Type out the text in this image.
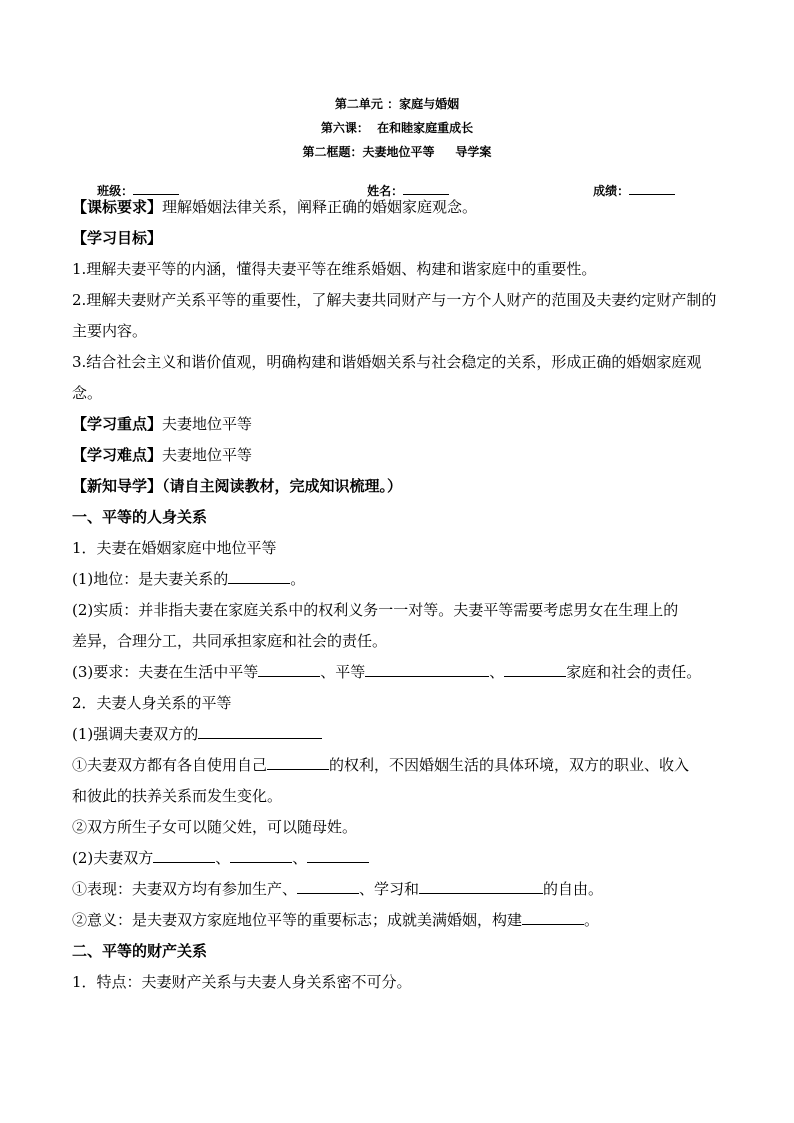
第二单元 ：家庭与婚姻
第六课：  在和睦家庭重成长
第二框题：夫妻地位平等     导学案

班级：
	姓名：
	成绩：

【课标要求】理解婚姻法律关系，阐释正确的婚姻家庭观念。
【学习目标】
1.理解夫妻平等的内涵，懂得夫妻平等在维系婚姻、构建和谐家庭中的重要性。
2.理解夫妻财产关系平等的重要性，了解夫妻共同财产与一方个人财产的范围及夫妻约定财产制的主要内容。
3.结合社会主义和谐价值观，明确构建和谐婚姻关系与社会稳定的关系，形成正确的婚姻家庭观念。
【学习重点】夫妻地位平等
【学习难点】夫妻地位平等
【新知导学】（请自主阅读教材，完成知识梳理。）
一、平等的人身关系
1．夫妻在婚姻家庭中地位平等
(1)地位：是夫妻关系的	。
(2)实质：并非指夫妻在家庭关系中的权利义务一一对等。夫妻平等需要考虑男女在生理上的
差异，合理分工，共同承担家庭和社会的责任。
(3)要求：夫妻在生活中平等	、平等	、	家庭和社会的责任。
2．夫妻人身关系的平等
(1)强调夫妻双方的
①夫妻双方都有各自使用自己	的权利，不因婚姻生活的具体环境，双方的职业、收入
和彼此的扶养关系而发生变化。
②双方所生子女可以随父姓，可以随母姓。
(2)夫妻双方	、	、
①表现：夫妻双方均有参加生产、	、学习和	的自由。
②意义：是夫妻双方家庭地位平等的重要标志；成就美满婚姻，构建	。
二、平等的财产关系
1．特点：夫妻财产关系与夫妻人身关系密不可分。
